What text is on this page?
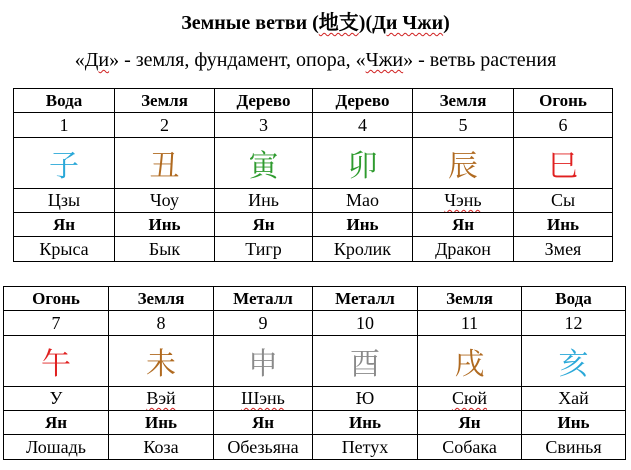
Земные ветви (地支)(Ди Чжи)
«Ди» - земля, фундамент, опора, «Чжи» - ветвь растения
Вода	Земля	Дерево	Дерево	Земля	Огонь
1	2	3	4	5	6
子	丑	寅	卯	辰	巳
Цзы	Чоу	Инь	Мао	Чэнь	Сы
Ян	Инь	Ян	Инь	Ян	Инь
Крыса	Бык	Тигр	Кролик	Дракон	Змея
Огонь	Земля	Металл	Металл	Земля	Вода
7	8	9	10	11	12
午	未	申	酉	戌	亥
У	Вэй	Шэнь	Ю	Сюй	Хай
Ян	Инь	Ян	Инь	Ян	Инь
Лошадь	Коза	Обезьяна	Петух	Собака	Свинья
